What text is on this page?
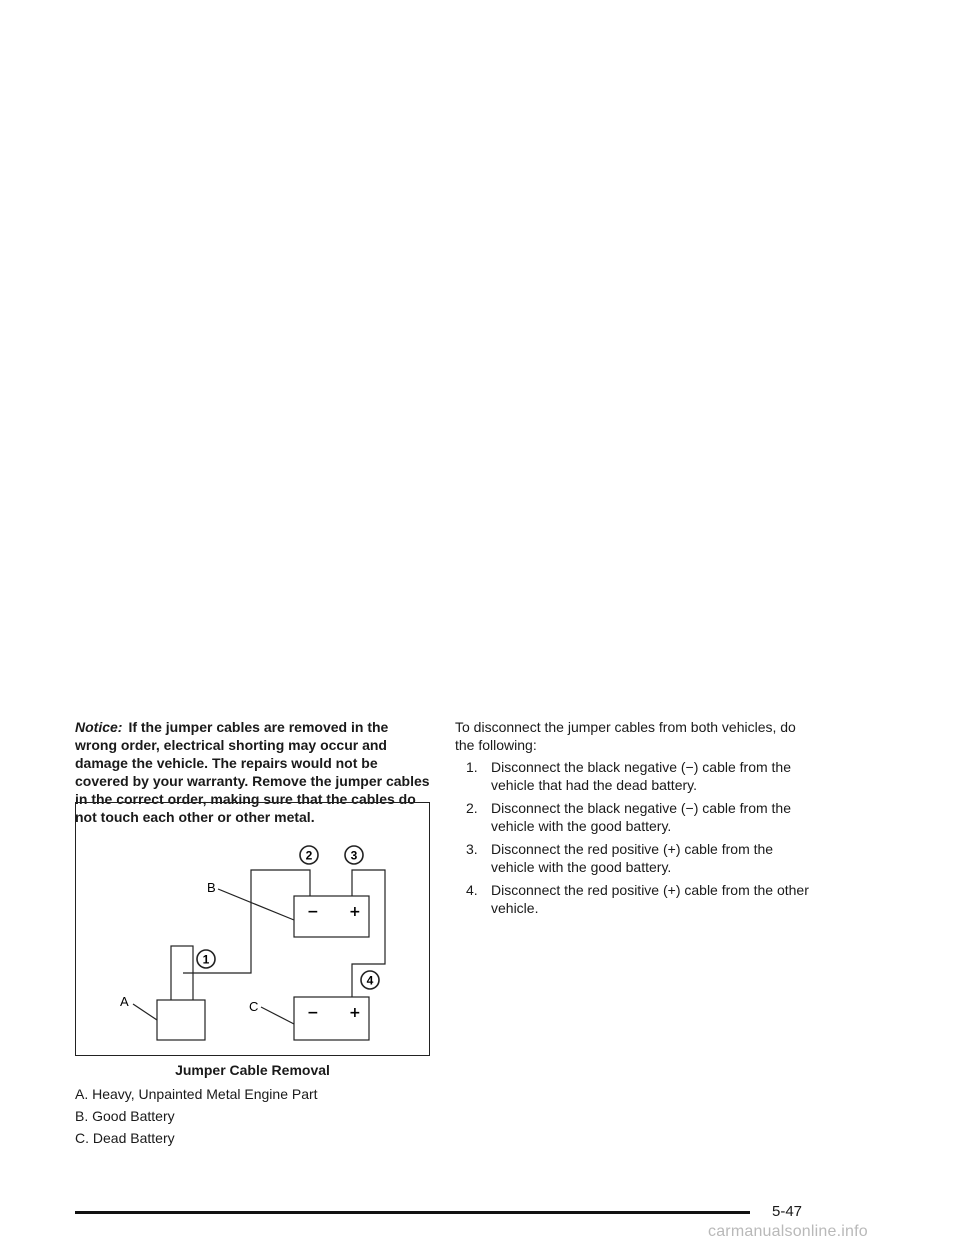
Notice: If the jumper cables are removed in the wrong order, electrical shorting may occur and damage the vehicle. The repairs would not be covered by your warranty. Remove the jumper cables in the correct order, making sure that the cables do not touch each other or other metal.

− +
− +
A
B
C
1
2	3
4
Jumper Cable Removal
A. Heavy, Unpainted Metal Engine Part
B. Good Battery
C. Dead Battery

To disconnect the jumper cables from both vehicles, do the following:

1. Disconnect the black negative (−) cable from the vehicle that had the dead battery.
2. Disconnect the black negative (−) cable from the vehicle with the good battery.
3. Disconnect the red positive (+) cable from the vehicle with the good battery.
4. Disconnect the red positive (+) cable from the other vehicle.
5-47
carmanualsonline.info
